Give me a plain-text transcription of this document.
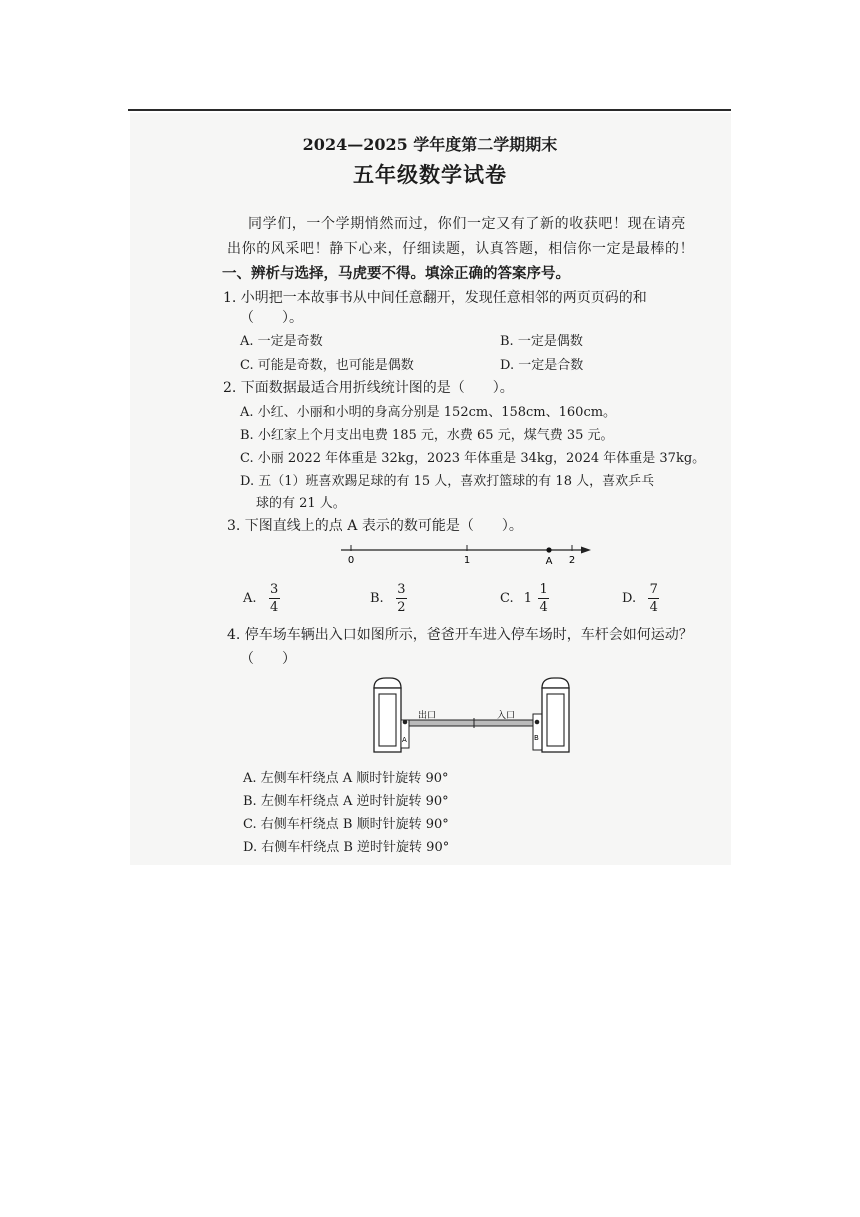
2024—2025 学年度第二学期期末
五年级数学试卷
同学们，一个学期悄然而过，你们一定又有了新的收获吧！现在请亮
出你的风采吧！静下心来，仔细读题，认真答题，相信你一定是最棒的！
一、辨析与选择，马虎要不得。填涂正确的答案序号。
1. 小明把一本故事书从中间任意翻开，发现任意相邻的两页页码的和
（　　）。
A. 一定是奇数	B. 一定是偶数
C. 可能是奇数，也可能是偶数	D. 一定是合数
2. 下面数据最适合用折线统计图的是（　　）。
A. 小红、小丽和小明的身高分别是 152cm、158cm、160cm。
B. 小红家上个月支出电费 185 元，水费 65 元，煤气费 35 元。
C. 小丽 2022 年体重是 32kg，2023 年体重是 34kg，2024 年体重是 37kg。
D. 五（1）班喜欢踢足球的有 15 人，喜欢打篮球的有 18 人，喜欢乒乓
球的有 21 人。
3. 下图直线上的点 A 表示的数可能是（　　）。
0	1	A 2
A. $\frac{3}{4}$	B. $\frac{3}{2}$	C. $1 \frac{1}{4}$	D. $\frac{7}{4}$
4. 停车场车辆出入口如图所示，爸爸开车进入停车场时，车杆会如何运动？
（　　）
A
出口	入口
B
A. 左侧车杆绕点 A 顺时针旋转 90°
B. 左侧车杆绕点 A 逆时针旋转 90°
C. 右侧车杆绕点 B 顺时针旋转 90°
D. 右侧车杆绕点 B 逆时针旋转 90°
